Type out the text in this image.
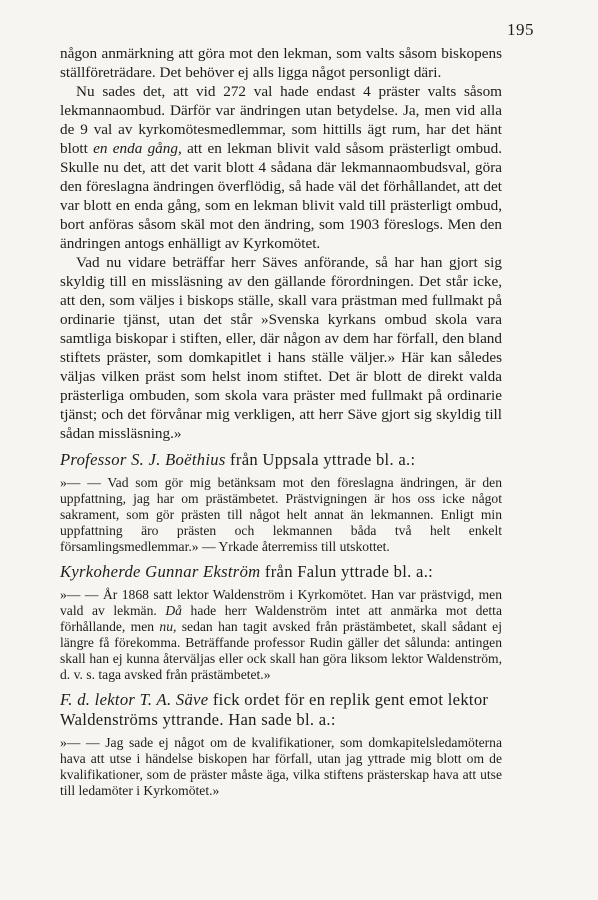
195

någon anmärkning att göra mot den lekman, som valts såsom biskopens ställföreträdare. Det behöver ej alls ligga något personligt däri.

Nu sades det, att vid 272 val hade endast 4 präster valts såsom lekmannaombud. Därför var ändringen utan betydelse. Ja, men vid alla de 9 val av kyrkomötesmedlemmar, som hittills ägt rum, har det hänt blott en enda gång, att en lekman blivit vald såsom prästerligt ombud. Skulle nu det, att det varit blott 4 sådana där lekmannaombudsval, göra den föreslagna ändringen överflödig, så hade väl det förhållandet, att det var blott en enda gång, som en lekman blivit vald till prästerligt ombud, bort anföras såsom skäl mot den ändring, som 1903 föreslogs. Men den ändringen antogs enhälligt av Kyrkomötet.

Vad nu vidare beträffar herr Säves anförande, så har han gjort sig skyldig till en missläsning av den gällande förordningen. Det står icke, att den, som väljes i biskops ställe, skall vara prästman med fullmakt på ordinarie tjänst, utan det står »Svenska kyrkans ombud skola vara samtliga biskopar i stiften, eller, där någon av dem har förfall, den bland stiftets präster, som domkapitlet i hans ställe väljer.» Här kan således väljas vilken präst som helst inom stiftet. Det är blott de direkt valda prästerliga ombuden, som skola vara präster med fullmakt på ordinarie tjänst; och det förvånar mig verkligen, att herr Säve gjort sig skyldig till sådan missläsning.»

Professor S. J. Boëthius från Uppsala yttrade bl. a.:

»— — Vad som gör mig betänksam mot den föreslagna ändringen, är den uppfattning, jag har om prästämbetet. Prästvigningen är hos oss icke något sakrament, som gör prästen till något helt annat än lekmannen. Enligt min uppfattning äro prästen och lekmannen båda två helt enkelt församlingsmedlemmar.» — Yrkade återremiss till utskottet.

Kyrkoherde Gunnar Ekström från Falun yttrade bl. a.:

»— — År 1868 satt lektor Waldenström i Kyrkomötet. Han var prästvigd, men vald av lekmän. Då hade herr Waldenström intet att anmärka mot detta förhållande, men nu, sedan han tagit avsked från prästämbetet, skall sådant ej längre få förekomma. Beträffande professor Rudin gäller det sålunda: antingen skall han ej kunna återväljas eller ock skall han göra liksom lektor Waldenström, d. v. s. taga avsked från prästämbetet.»

F. d. lektor T. A. Säve fick ordet för en replik gent emot lektor Waldenströms yttrande. Han sade bl. a.:

»— — Jag sade ej något om de kvalifikationer, som domkapitelsledamöterna hava att utse i händelse biskopen har förfall, utan jag yttrade mig blott om de kvalifikationer, som de präster måste äga, vilka stiftens prästerskap hava att utse till ledamöter i Kyrkomötet.»
